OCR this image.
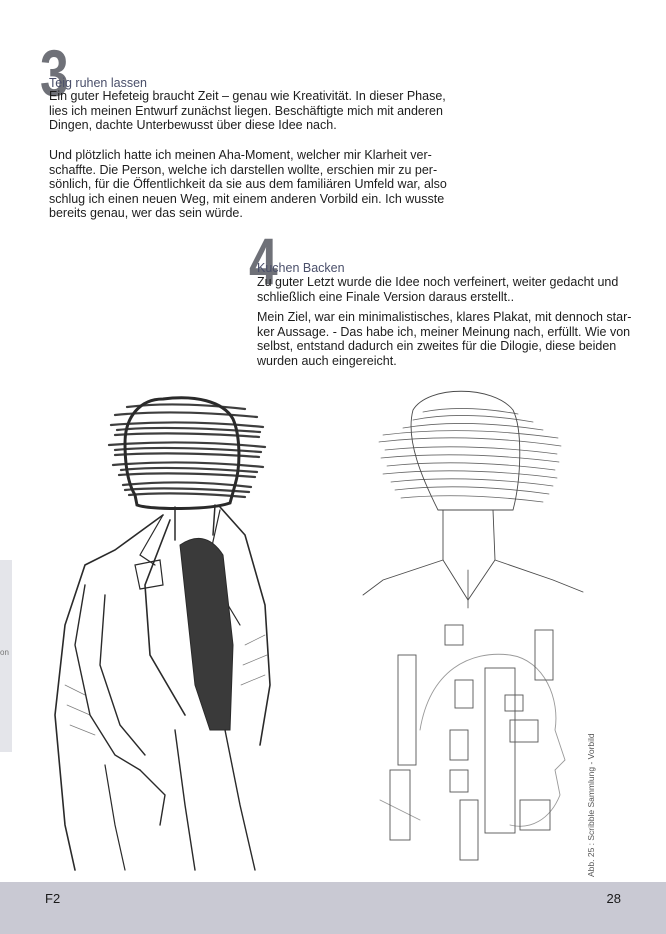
3
Teig ruhen lassen
Ein guter Hefeteig braucht Zeit – genau wie Kreativität. In dieser Phase,
lies ich meinen Entwurf zunächst liegen. Beschäftigte mich mit anderen
Dingen, dachte Unterbewusst über diese Idee nach.
Und plötzlich hatte ich meinen Aha-Moment, welcher mir Klarheit ver-
schaffte. Die Person, welche ich darstellen wollte, erschien mir zu per-
sönlich, für die Öffentlichkeit da sie aus dem familiären Umfeld war, also
schlug ich einen neuen Weg, mit einem anderen Vorbild ein. Ich wusste
bereits genau, wer das sein würde.
4
Kuchen Backen
Zu guter Letzt wurde die Idee noch verfeinert, weiter gedacht und
schließlich eine Finale Version daraus erstellt..
Mein Ziel, war ein minimalistisches, klares Plakat, mit dennoch star-
ker Aussage. - Das habe ich, meiner Meinung nach, erfüllt. Wie von
selbst, entstand dadurch ein zweites für die Dilogie, diese beiden
wurden auch eingereicht.
on
Abb. 25 : Scribble Sammlung - Vorbild
F2	28
